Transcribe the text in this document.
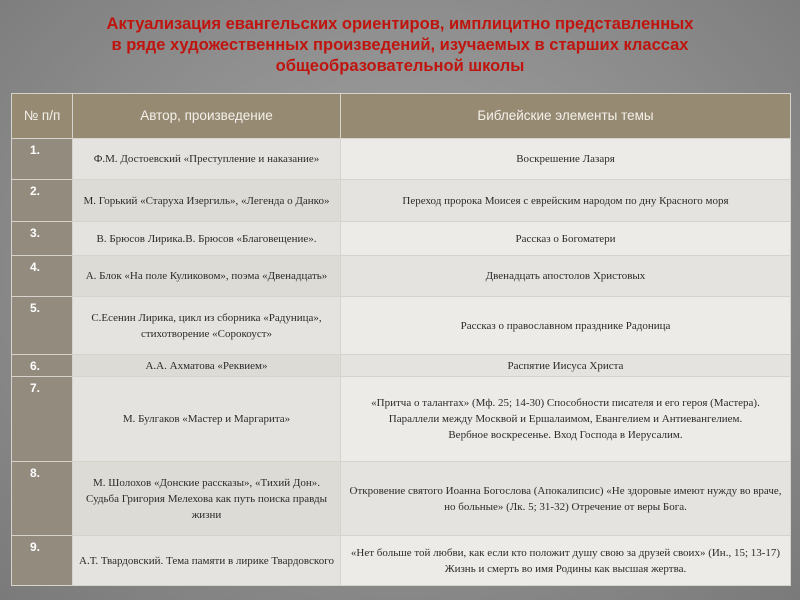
Актуализация евангельских ориентиров, имплицитно представленных
в ряде художественных произведений, изучаемых в старших классах
общеобразовательной школы
№ п/п	Автор, произведение	Библейские элементы темы
1.	Ф.М. Достоевский «Преступление и наказание»	Воскрешение Лазаря

2.	М. Горький «Старуха Изергиль», «Легенда о Данко»	Переход пророка Моисея с еврейским народом по дну Красного моря

3.	В. Брюсов Лирика.В. Брюсов «Благовещение».	Рассказ о Богоматери

4.	А. Блок «На поле Куликовом», поэма «Двенадцать»	Двенадцать апостолов Христовых

5.	С.Есенин Лирика, цикл из сборника «Радуница», стихотворение «Сорокоуст»	Рассказ о православном празднике Радоница

6.	А.А. Ахматова «Реквием»	Распятие Иисуса Христа

7.	М. Булгаков «Мастер и Маргарита»	«Притча о талантах» (Мф. 25; 14-30) Способности писателя и его героя (Мастера). Параллели между Москвой и Ершалаимом, Евангелием и Антиевангелием.

Вербное воскресенье. Вход Господа в Иерусалим.

8.	М. Шолохов «Донские рассказы», «Тихий Дон». Судьба Григория Мелехова как путь поиска правды жизни	Откровение святого Иоанна Богослова (Апокалипсис) «Не здоровые имеют нужду во враче, но больные» (Лк. 5; 31-32) Отречение от веры Бога.

9.	А.Т. Твардовский. Тема памяти в лирике Твардовского	«Нет больше той любви, как если кто положит душу свою за друзей своих» (Ин., 15; 13-17) Жизнь и смерть во имя Родины как высшая жертва.
